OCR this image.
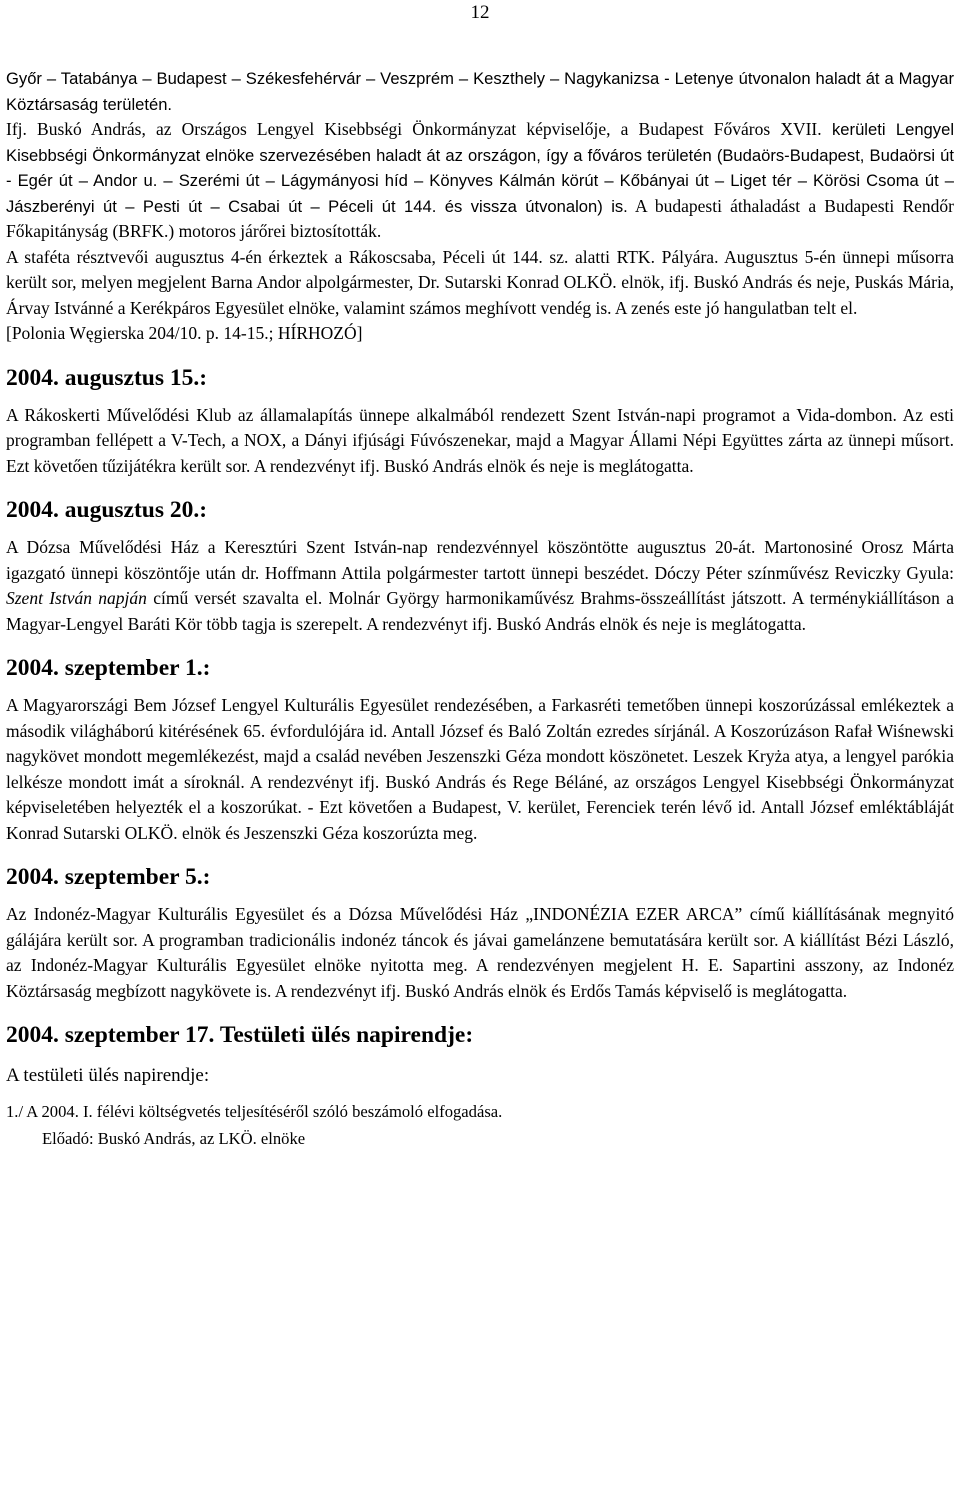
12

Győr – Tatabánya – Budapest – Székesfehérvár – Veszprém – Keszthely – Nagykanizsa - Letenye útvonalon haladt át a Magyar Köztársaság területén.

Ifj. Buskó András, az Országos Lengyel Kisebbségi Önkormányzat képviselője, a Budapest Főváros XVII. kerületi Lengyel Kisebbségi Önkormányzat elnöke szervezésében haladt át az országon, így a főváros területén (Budaörs-Budapest, Budaörsi út - Egér út – Andor u. – Szerémi út – Lágymányosi híd – Könyves Kálmán körút – Kőbányai út – Liget tér – Körösi Csoma út – Jászberényi út – Pesti út – Csabai út – Péceli út 144. és vissza útvonalon) is. A budapesti áthaladást a Budapesti Rendőr Főkapitányság (BRFK.) motoros járőrei biztosították.

A staféta résztvevői augusztus 4-én érkeztek a Rákoscsaba, Péceli út 144. sz. alatti RTK. Pályára. Augusztus 5-én ünnepi műsorra került sor, melyen megjelent Barna Andor alpolgármester, Dr. Sutarski Konrad OLKÖ. elnök, ifj. Buskó András és neje, Puskás Mária, Árvay Istvánné a Kerékpáros Egyesület elnöke, valamint számos meghívott vendég is. A zenés este jó hangulatban telt el.

[Polonia Węgierska 204/10. p. 14-15.; HÍRHOZÓ]

2004. augusztus 15.:

A Rákoskerti Művelődési Klub az államalapítás ünnepe alkalmából rendezett Szent István-napi programot a Vida-dombon. Az esti programban fellépett a V-Tech, a NOX, a Dányi ifjúsági Fúvószenekar, majd a Magyar Állami Népi Együttes zárta az ünnepi műsort. Ezt követően tűzijátékra került sor. A rendezvényt ifj. Buskó András elnök és neje is meglátogatta.

2004. augusztus 20.:

A Dózsa Művelődési Ház a Keresztúri Szent István-nap rendezvénnyel köszöntötte augusztus 20-át. Martonosiné Orosz Márta igazgató ünnepi köszöntője után dr. Hoffmann Attila polgármester tartott ünnepi beszédet. Dóczy Péter színművész Reviczky Gyula: Szent István napján című versét szavalta el. Molnár György harmonikaművész Brahms-összeállítást játszott. A terménykiállításon a Magyar-Lengyel Baráti Kör több tagja is szerepelt. A rendezvényt ifj. Buskó András elnök és neje is meglátogatta.

2004. szeptember 1.:

A Magyarországi Bem József Lengyel Kulturális Egyesület rendezésében, a Farkasréti temetőben ünnepi koszorúzással emlékeztek a második világháború kitérésének 65. évfordulójára id. Antall József és Baló Zoltán ezredes sírjánál. A Koszorúzáson Rafał Wiśnewski nagykövet mondott megemlékezést, majd a család nevében Jeszenszki Géza mondott köszönetet. Leszek Kryża atya, a lengyel parókia lelkésze mondott imát a síroknál. A rendezvényt ifj. Buskó András és Rege Béláné, az országos Lengyel Kisebbségi Önkormányzat képviseletében helyezték el a koszorúkat. - Ezt követően a Budapest, V. kerület, Ferenciek terén lévő id. Antall József emléktábláját Konrad Sutarski OLKÖ. elnök és Jeszenszki Géza koszorúzta meg.

2004. szeptember 5.:

Az Indonéz-Magyar Kulturális Egyesület és a Dózsa Művelődési Ház „INDONÉZIA EZER ARCA” című kiállításának megnyitó gálájára került sor. A programban tradicionális indonéz táncok és jávai gamelánzene bemutatására került sor. A kiállítást Bézi László, az Indonéz-Magyar Kulturális Egyesület elnöke nyitotta meg. A rendezvényen megjelent H. E. Sapartini asszony, az Indonéz Köztársaság megbízott nagykövete is. A rendezvényt ifj. Buskó András elnök és Erdős Tamás képviselő is meglátogatta.

2004. szeptember 17. Testületi ülés napirendje:
A testületi ülés napirendje:
1./ A 2004. I. félévi költségvetés teljesítéséről szóló beszámoló elfogadása.
Előadó: Buskó András, az LKÖ. elnöke
